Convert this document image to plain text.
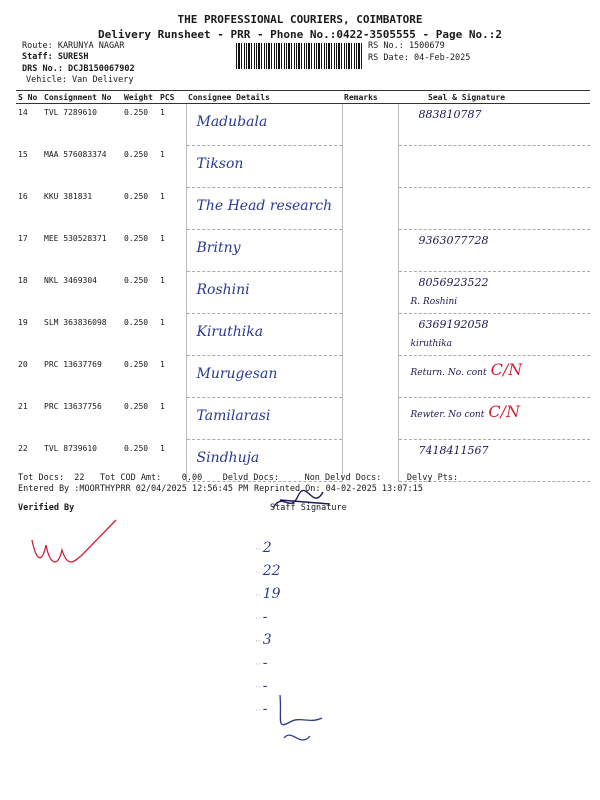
THE PROFESSIONAL COURIERS, COIMBATORE
Delivery Runsheet - PRR - Phone No.:0422-3505555 - Page No.:2
Route: KARUNYA NAGAR
Staff: SURESH
DRS No.: DCJB150067902
Vehicle: Van Delivery
RS No.: 1500679
RS Date: 04-Feb-2025
S No	Consignment No	Weight	PCS	Consignee Details	Remarks	Seal & Signature
14	TVL 7289610	0.250	1	Madubala		883810787

15	MAA 576083374	0.250	1	Tikson		

16	KKU 381831	0.250	1	The Head research		

17	MEE 530528371	0.250	1	Britny		9363077728

18	NKL 3469304	0.250	1	Roshini		8056923522
R. Roshini
19	SLM 363836098	0.250	1	Kiruthika		6369192058
kiruthika
20	PRC 13637769	0.250	1	Murugesan		Return. No. cont C/N
21	PRC 13637756	0.250	1	Tamilarasi		Rewter. No cont C/N
22	TVL 8739610	0.250	1	Sindhuja		7418411567
Tot Docs:  22   Tot COD Amt:    0.00    Delvd Docs:     Non Delvd Docs:     Delvy Pts:
Entered By :MOORTHYPRR 02/04/2025 12:56:45 PM Reprinted On: 04-02-2025 13:07:15
Verified By	Staff Signature
·· 2
·· 22
·· 19
·· -
·· 3
·· -
·· -
·· -
